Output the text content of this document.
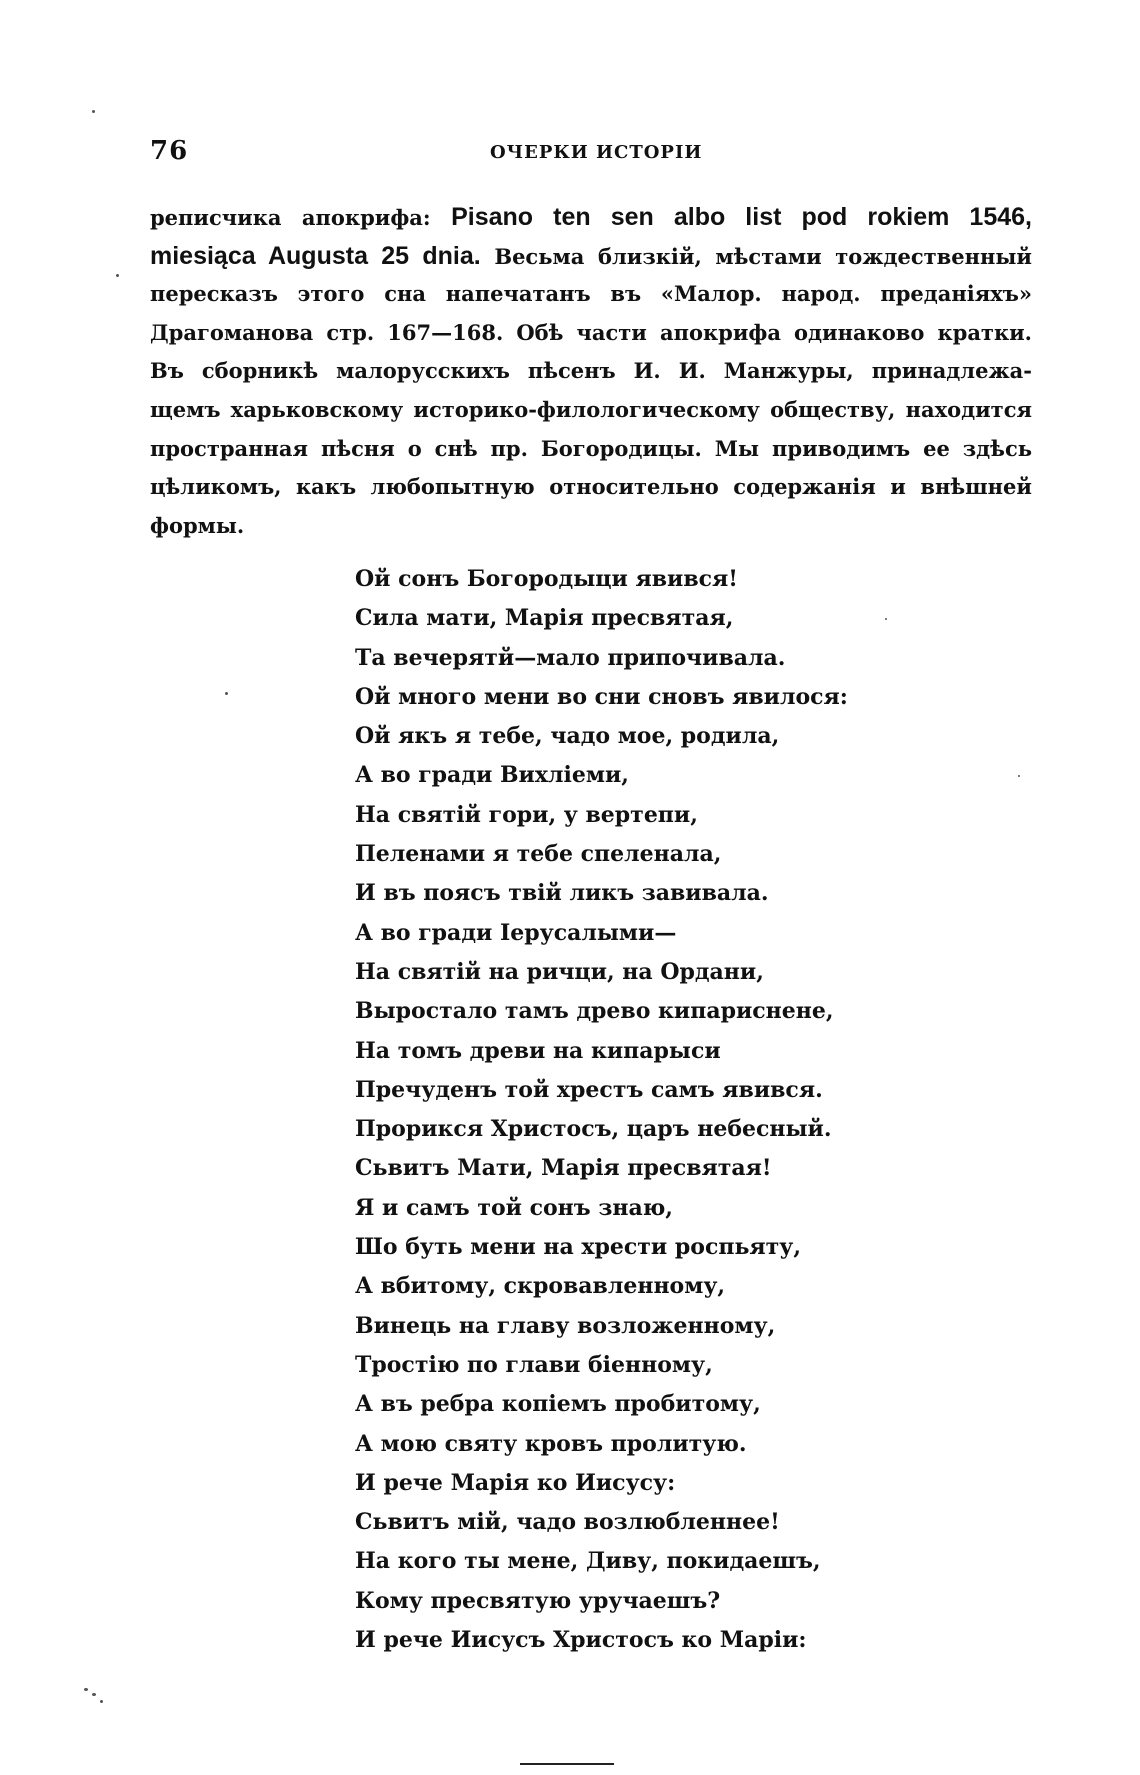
76	ОЧЕРКИ ИСТОРІИ
реписчика апокрифа: Pisano ten sen albo list pod rokiem 1546,
miesiąca Augusta 25 dnia. Весьма близкій, мѣстами тождественный
пересказъ этого сна напечатанъ въ «Малор. народ. преданіяхъ»
Драгоманова стр. 167—168. Обѣ части апокрифа одинаково кратки.
Въ сборникѣ малорусскихъ пѣсенъ И. И. Манжуры, принадлежа-
щемъ харьковскому историко-филологическому обществу, находится
пространная пѣсня о снѣ пр. Богородицы. Мы приводимъ ее здѣсь
цѣликомъ, какъ любопытную относительно содержанія и внѣшней
формы.
Ой сонъ Богородыци явився!
Сила мати, Марія пресвятая,
Та вечерятй—мало припочивала.
Ой много мени во сни сновъ явилося:
Ой якъ я тебе, чадо мое, родила,
А во гради Вихліеми,
На святій гори, у вертепи,
Пеленами я тебе спеленала,
И въ поясъ твій ликъ завивала.
А во гради Іерусалыми—
На святій на ричци, на Ордани,
Выростало тамъ древо кипариснене,
На томъ древи на кипарыси
Пречуденъ той хрестъ самъ явився.
Прорикся Христосъ, царъ небесный.
Сьвитъ Мати, Марія пресвятая!
Я и самъ той сонъ знаю,
Шо буть мени на хрести роспьяту,
А вбитому, скровавленному,
Винець на главу возложенному,
Тростію по глави біенному,
А въ ребра копіемъ пробитому,
А мою святу кровъ пролитую.
И рече Марія ко Иисусу:
Сьвитъ мій, чадо возлюбленнее!
На кого ты мене, Диву, покидаешъ,
Кому пресвятую уручаешъ?
И рече Иисусъ Христосъ ко Маріи:
